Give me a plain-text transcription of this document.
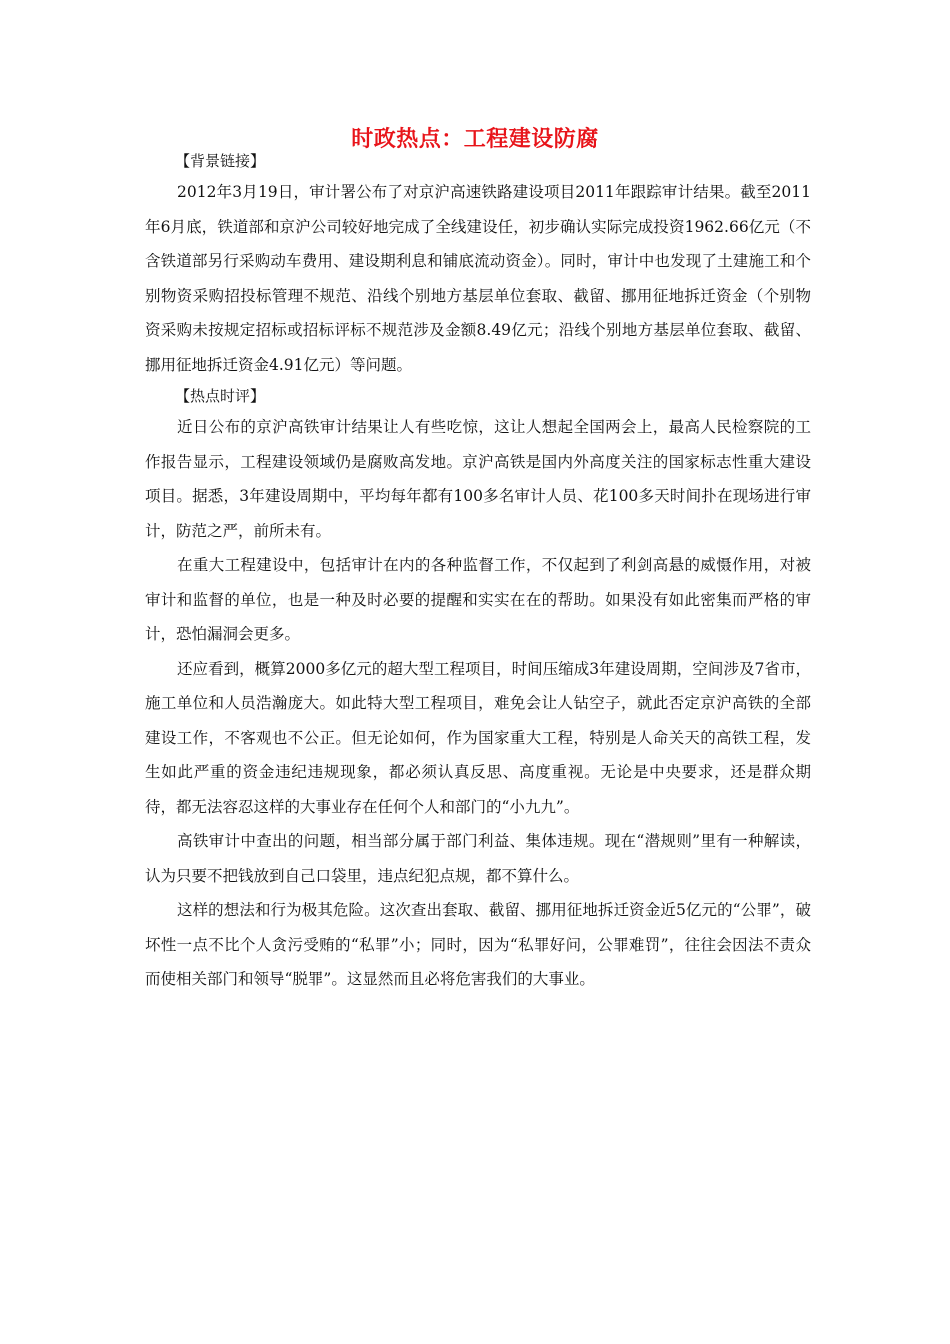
时政热点：工程建设防腐
【背景链接】

2012年3月19日，审计署公布了对京沪高速铁路建设项目2011年跟踪审计结果。截至2011年6月底，铁道部和京沪公司较好地完成了全线建设任，初步确认实际完成投资1962.66亿元（不含铁道部另行采购动车费用、建设期利息和铺底流动资金）。同时，审计中也发现了土建施工和个别物资采购招投标管理不规范、沿线个别地方基层单位套取、截留、挪用征地拆迁资金（个别物资采购未按规定招标或招标评标不规范涉及金额8.49亿元；沿线个别地方基层单位套取、截留、挪用征地拆迁资金4.91亿元）等问题。

【热点时评】

近日公布的京沪高铁审计结果让人有些吃惊，这让人想起全国两会上，最高人民检察院的工作报告显示，工程建设领域仍是腐败高发地。京沪高铁是国内外高度关注的国家标志性重大建设项目。据悉，3年建设周期中，平均每年都有100多名审计人员、花100多天时间扑在现场进行审计，防范之严，前所未有。

在重大工程建设中，包括审计在内的各种监督工作，不仅起到了利剑高悬的威慑作用，对被审计和监督的单位，也是一种及时必要的提醒和实实在在的帮助。如果没有如此密集而严格的审计，恐怕漏洞会更多。

还应看到，概算2000多亿元的超大型工程项目，时间压缩成3年建设周期，空间涉及7省市，施工单位和人员浩瀚庞大。如此特大型工程项目，难免会让人钻空子，就此否定京沪高铁的全部建设工作，不客观也不公正。但无论如何，作为国家重大工程，特别是人命关天的高铁工程，发生如此严重的资金违纪违规现象，都必须认真反思、高度重视。无论是中央要求，还是群众期待，都无法容忍这样的大事业存在任何个人和部门的“小九九”。

高铁审计中查出的问题，相当部分属于部门利益、集体违规。现在“潜规则”里有一种解读，认为只要不把钱放到自己口袋里，违点纪犯点规，都不算什么。

这样的想法和行为极其危险。这次查出套取、截留、挪用征地拆迁资金近5亿元的“公罪”，破坏性一点不比个人贪污受贿的“私罪”小；同时，因为“私罪好问，公罪难罚”，往往会因法不责众而使相关部门和领导“脱罪”。这显然而且必将危害我们的大事业。
